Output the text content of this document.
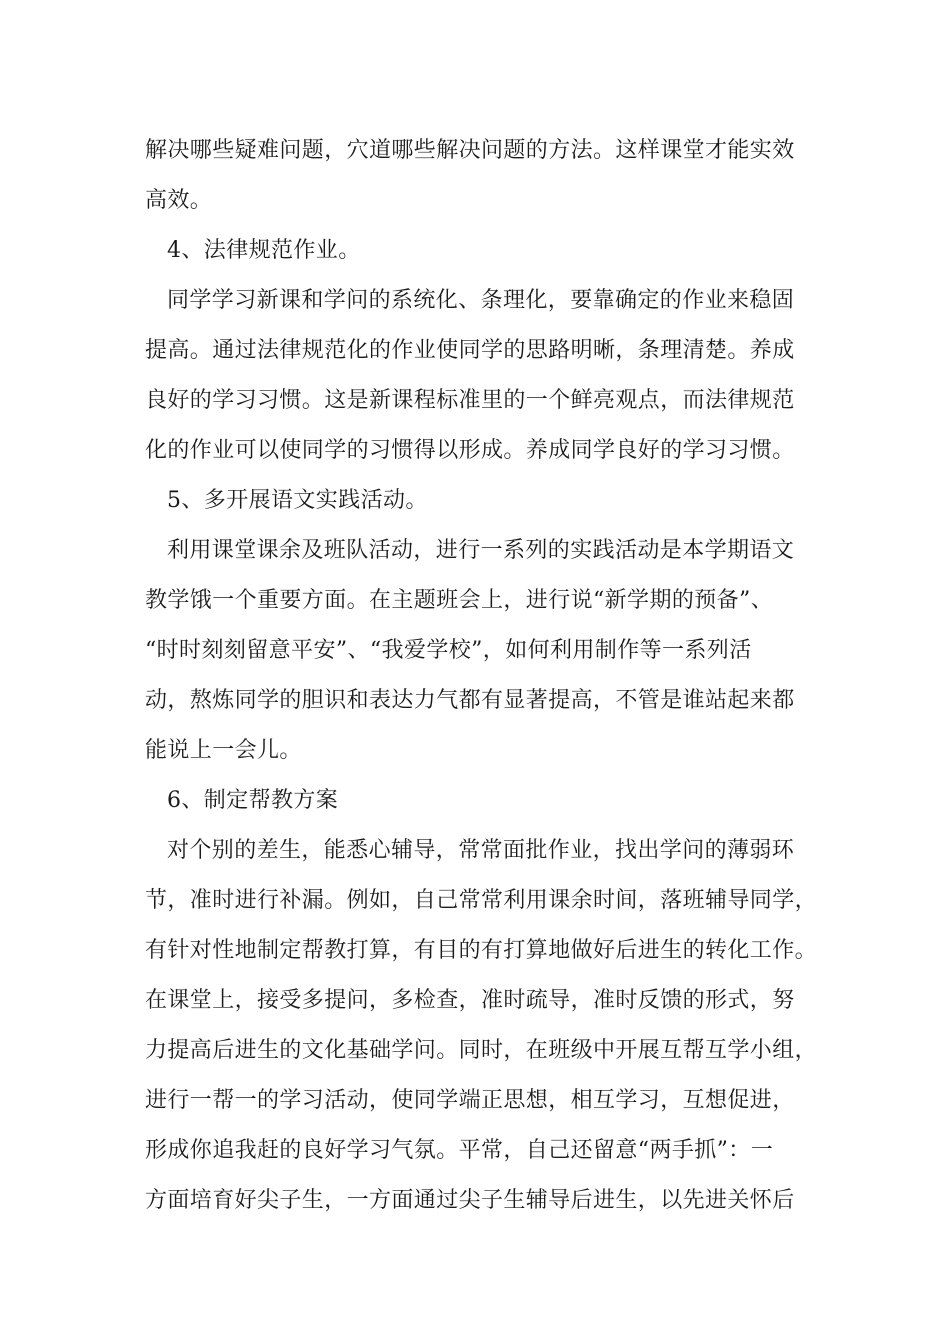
解决哪些疑难问题，穴道哪些解决问题的方法。这样课堂才能实效
高效。
4、法律规范作业。
同学学习新课和学问的系统化、条理化，要靠确定的作业来稳固
提高。通过法律规范化的作业使同学的思路明晰，条理清楚。养成
良好的学习习惯。这是新课程标准里的一个鲜亮观点，而法律规范
化的作业可以使同学的习惯得以形成。养成同学良好的学习习惯。
5、多开展语文实践活动。
利用课堂课余及班队活动，进行一系列的实践活动是本学期语文
教学饿一个重要方面。在主题班会上，进行说“新学期的预备”、
“时时刻刻留意平安”、“我爱学校”，如何利用制作等一系列活
动，熬炼同学的胆识和表达力气都有显著提高，不管是谁站起来都
能说上一会儿。
6、制定帮教方案
对个别的差生，能悉心辅导，常常面批作业，找出学问的薄弱环
节，准时进行补漏。例如，自己常常利用课余时间，落班辅导同学，
有针对性地制定帮教打算，有目的有打算地做好后进生的转化工作。
在课堂上，接受多提问，多检查，准时疏导，准时反馈的形式，努
力提高后进生的文化基础学问。同时，在班级中开展互帮互学小组，
进行一帮一的学习活动，使同学端正思想，相互学习，互想促进，
形成你追我赶的良好学习气氛。平常，自己还留意“两手抓”：一
方面培育好尖子生，一方面通过尖子生辅导后进生，以先进关怀后
